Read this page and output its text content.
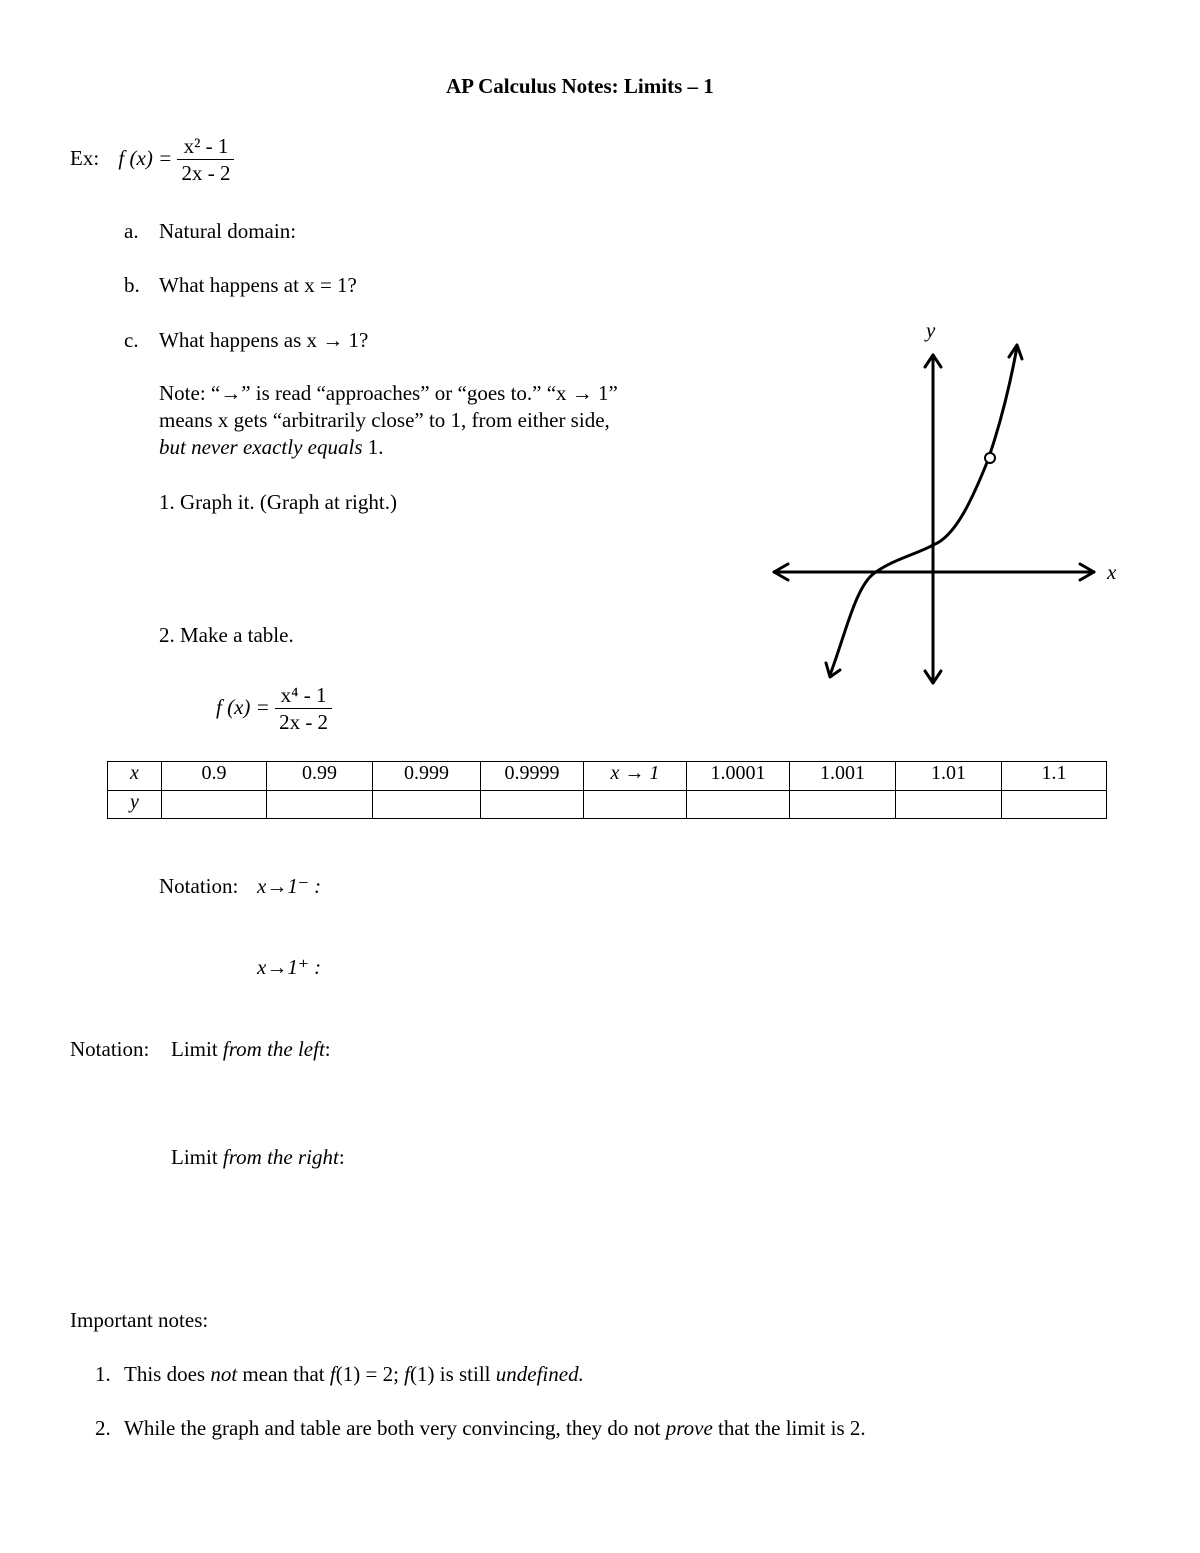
AP Calculus Notes: Limits – 1
Ex: f $(x) = \frac{\text{x² - 1}}{2x - 2}$
a. Natural domain:
b. What happens at x = 1?
c. What happens as x → 1?
Note: “→” is read “approaches” or “goes to.” “x → 1”
means x gets “arbitrarily close” to 1, from either side,
but never exactly equals 1.
1. Graph it. (Graph at right.)
2. Make a table.
f $(x) = \frac{\text{x⁴ - 1}}{2x - 2}$
x	0.9	0.99	0.999	0.9999	x → 1	1.0001	1.001	1.01	1.1
y									
Notation: x→1⁻ :
x→1⁺ :
Notation: Limit from the left:
Limit from the right:
Important notes:
1. This does not mean that f(1) = 2; f(1) is still undefined.
2. While the graph and table are both very convincing, they do not prove that the limit is 2.
x
y
